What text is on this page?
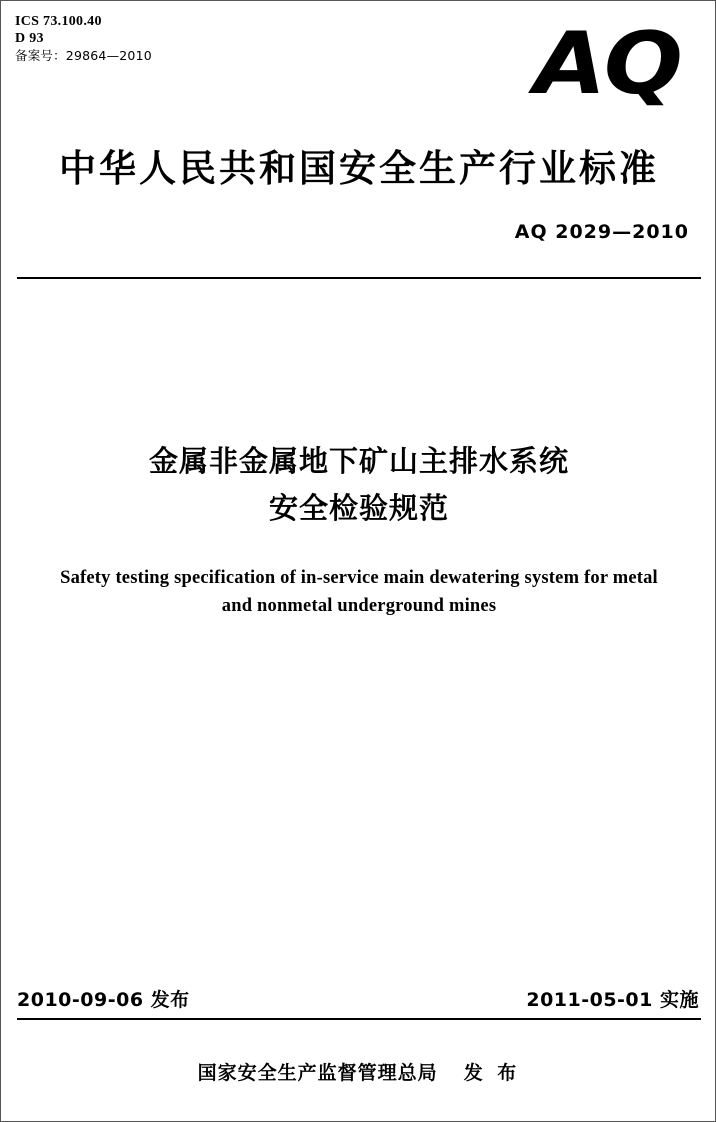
ICS 73.100.40
D 93
备案号：29864—2010	AQ
中华人民共和国安全生产行业标准
AQ 2029—2010
金属非金属地下矿山主排水系统
安全检验规范
Safety testing specification of in-service main dewatering system for metal
and nonmetal underground mines
2010-09-06 发布	2011-05-01 实施
国家安全生产监督管理总局 发 布
